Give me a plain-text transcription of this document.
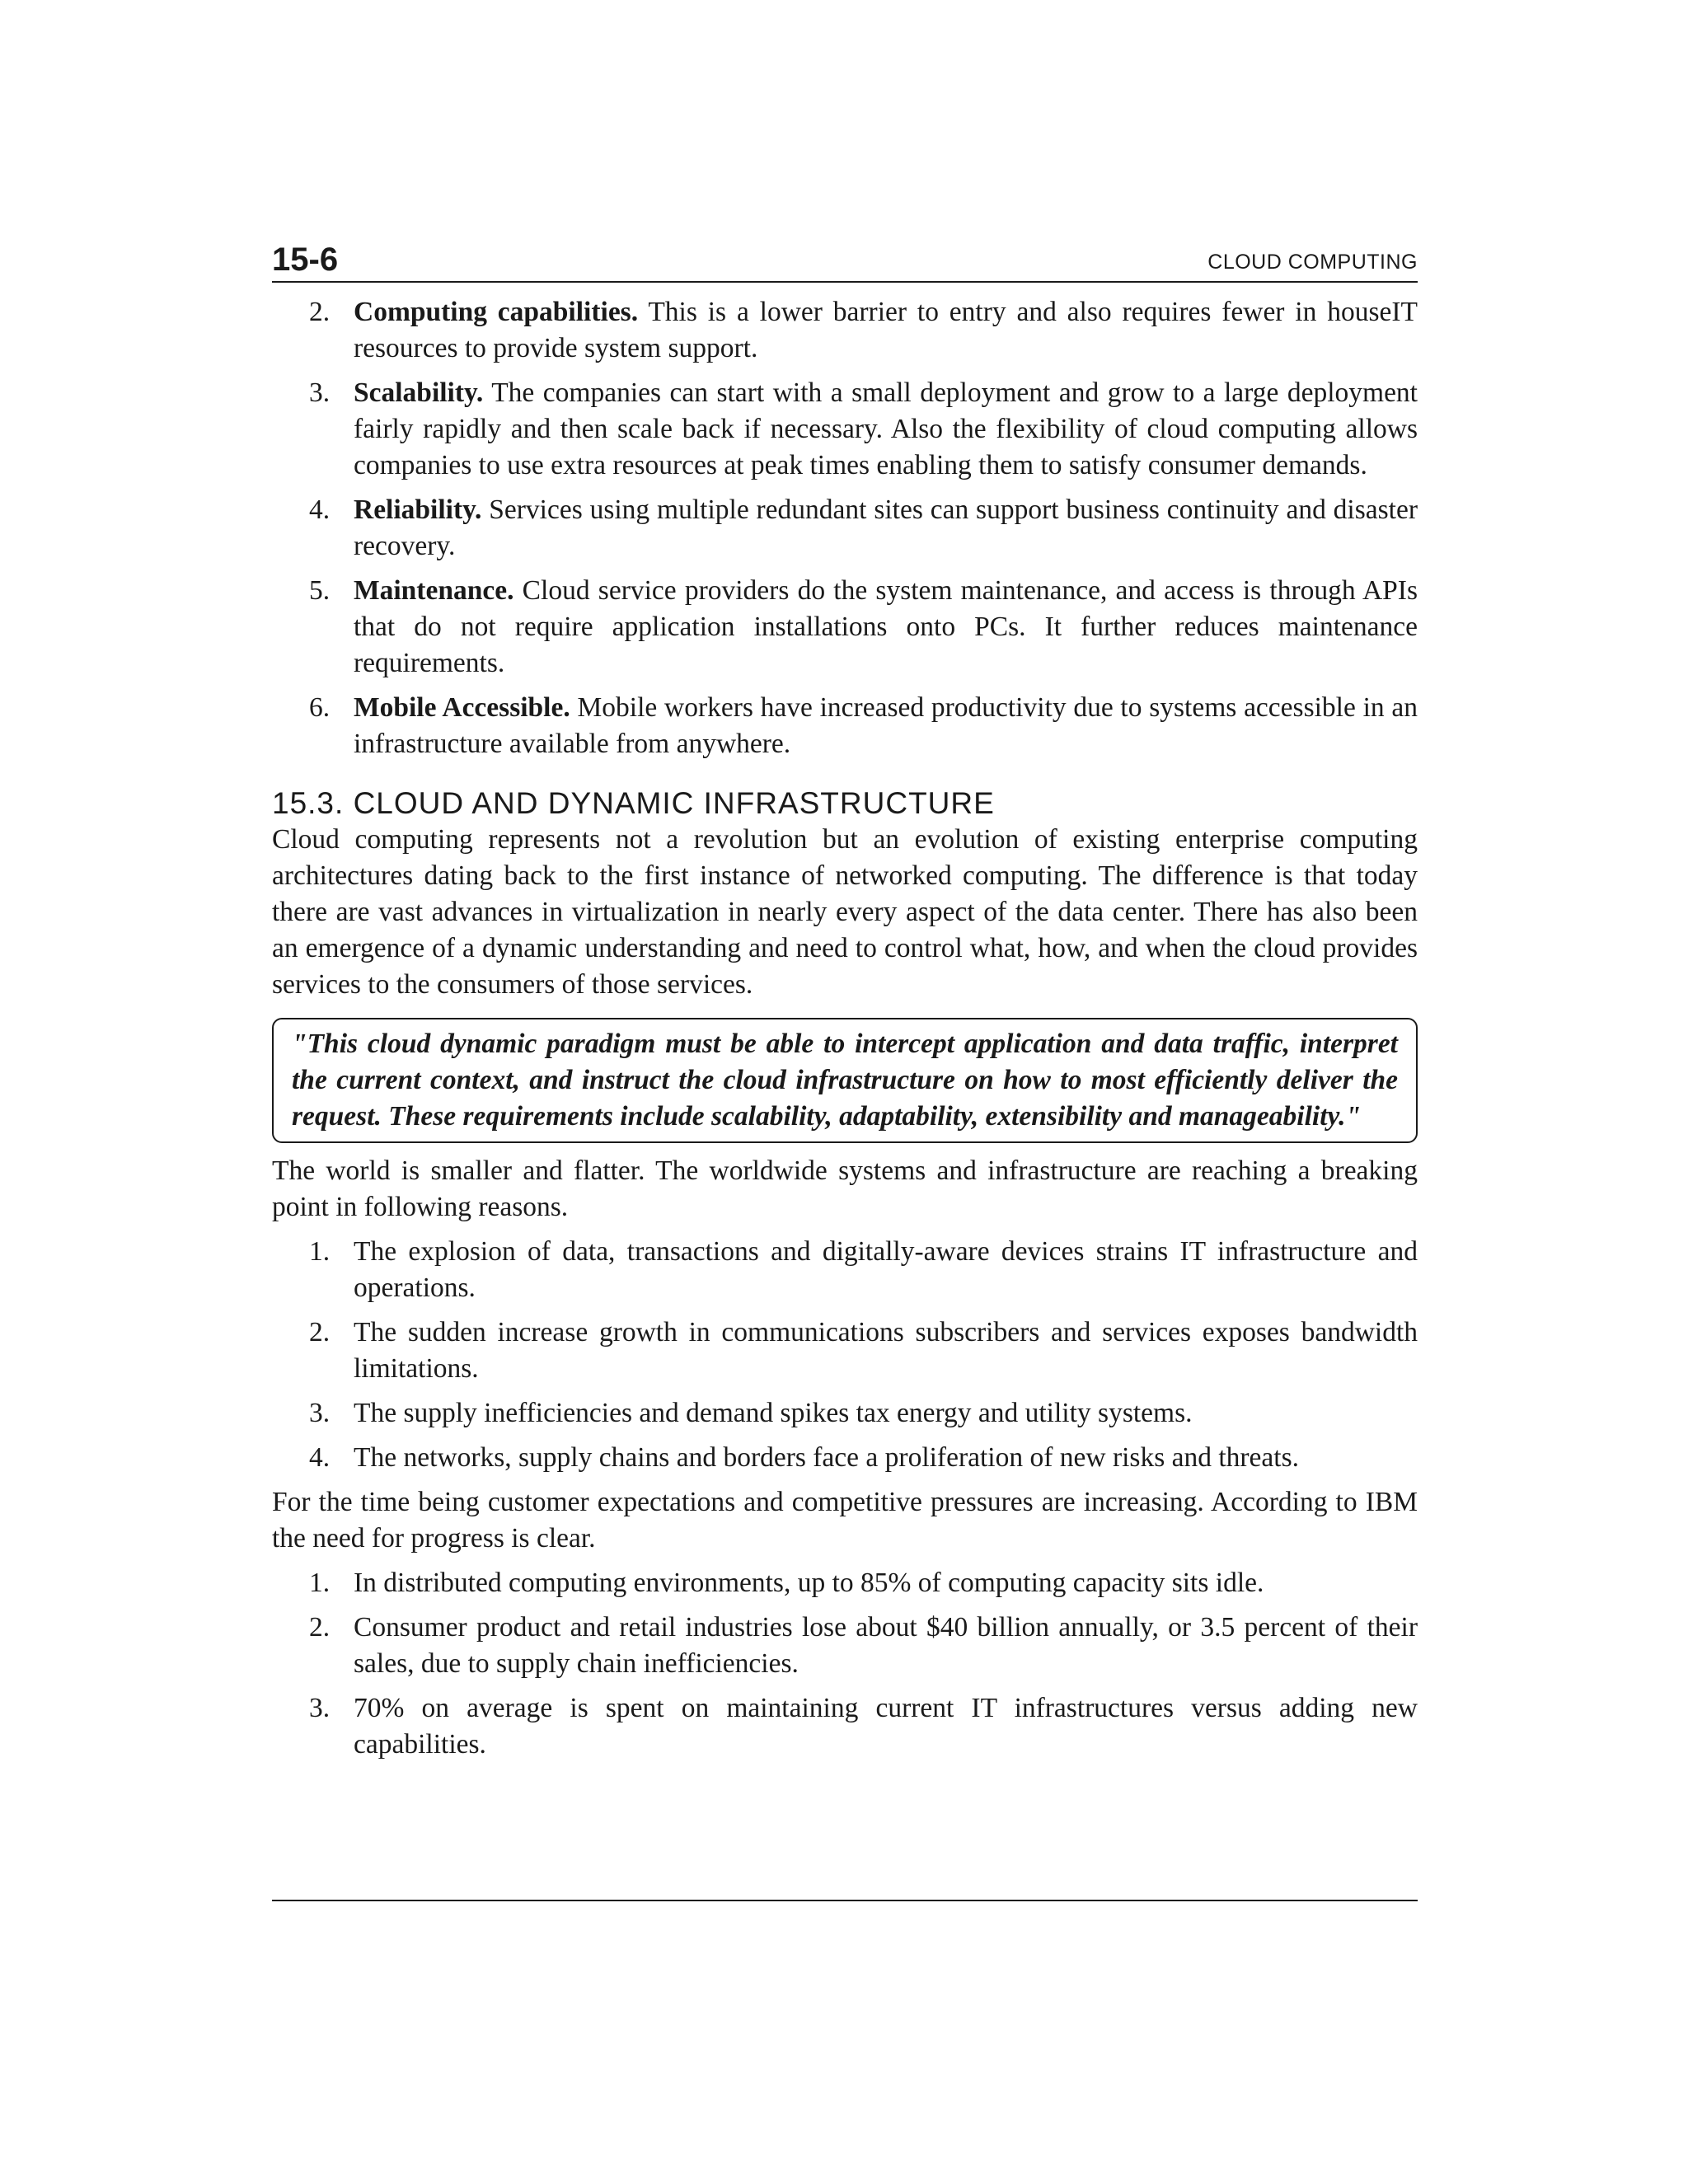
15-6	CLOUD COMPUTING
2. Computing capabilities. This is a lower barrier to entry and also requires fewer in houseIT resources to provide system support.
3. Scalability. The companies can start with a small deployment and grow to a large deployment fairly rapidly and then scale back if necessary. Also the flexibility of cloud computing allows companies to use extra resources at peak times enabling them to satisfy consumer demands.
4. Reliability. Services using multiple redundant sites can support business continuity and disaster recovery.
5. Maintenance. Cloud service providers do the system maintenance, and access is through APIs that do not require application installations onto PCs. It further reduces maintenance requirements.
6. Mobile Accessible. Mobile workers have increased productivity due to systems accessible in an infrastructure available from anywhere.
15.3. CLOUD AND DYNAMIC INFRASTRUCTURE

Cloud computing represents not a revolution but an evolution of existing enterprise computing architectures dating back to the first instance of networked computing. The difference is that today there are vast advances in virtualization in nearly every aspect of the data center. There has also been an emergence of a dynamic understanding and need to control what, how, and when the cloud provides services to the consumers of those services.

"This cloud dynamic paradigm must be able to intercept application and data traffic, interpret the current context, and instruct the cloud infrastructure on how to most efficiently deliver the request. These requirements include scalability, adaptability, extensibility and manageability."

The world is smaller and flatter. The worldwide systems and infrastructure are reaching a breaking point in following reasons.

1. The explosion of data, transactions and digitally-aware devices strains IT infrastructure and operations.
2. The sudden increase growth in communications subscribers and services exposes bandwidth limitations.
3. The supply inefficiencies and demand spikes tax energy and utility systems.
4. The networks, supply chains and borders face a proliferation of new risks and threats.

For the time being customer expectations and competitive pressures are increasing. According to IBM the need for progress is clear.

1. In distributed computing environments, up to 85% of computing capacity sits idle.
2. Consumer product and retail industries lose about $40 billion annually, or 3.5 percent of their sales, due to supply chain inefficiencies.
3. 70% on average is spent on maintaining current IT infrastructures versus adding new capabilities.
